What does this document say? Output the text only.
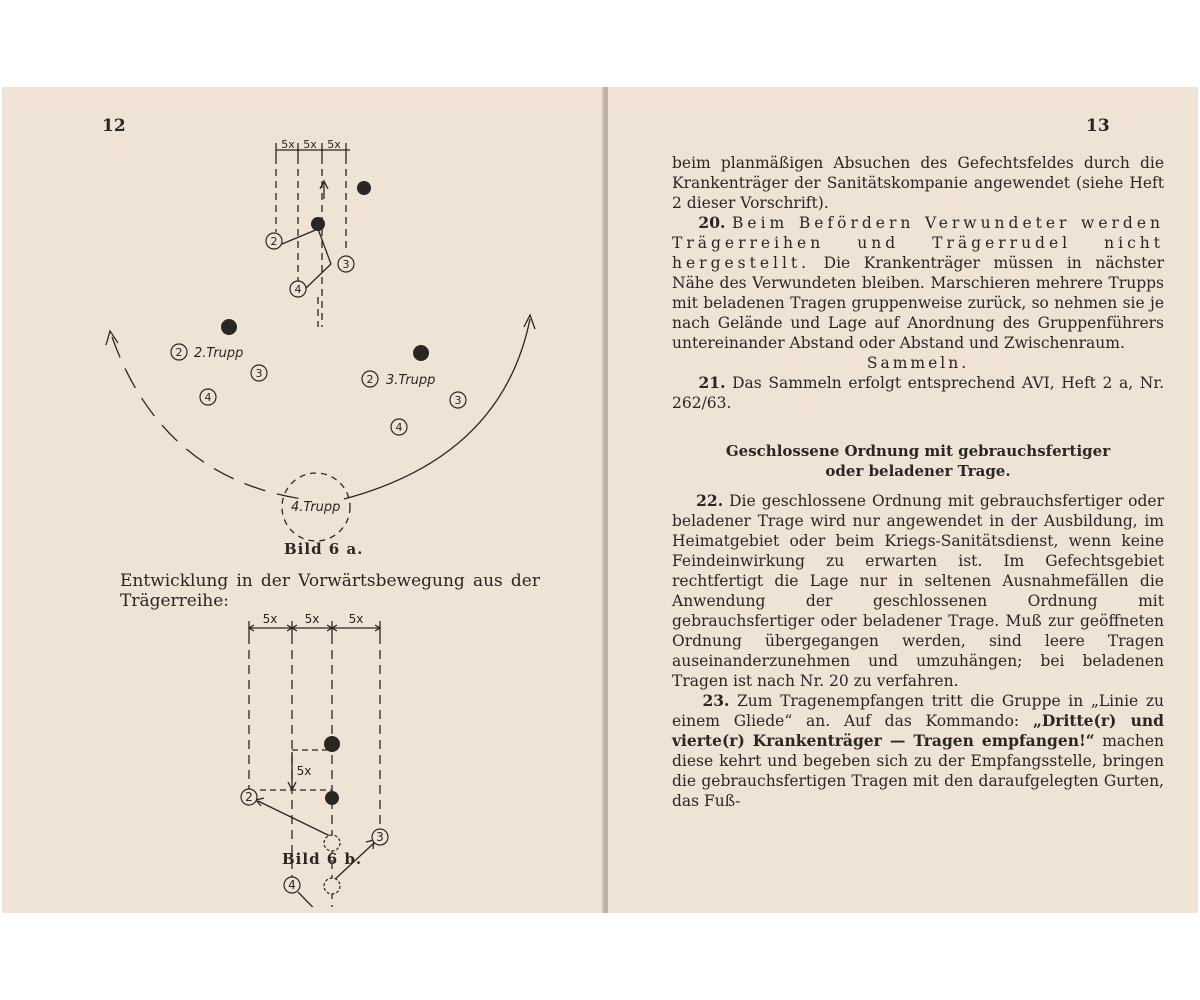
12
5x 5x 5x
2
3
4
2
3
4
2
3
4
2.Trupp
3.Trupp
4.Trupp
Bild 6 a.
Entwicklung in der Vorwärtsbewegung aus der Trägerreihe:
5x 5x 5x
5x
2
3
4
Bild 6 b.
13

beim planmäßigen Absuchen des Gefechtsfeldes durch die Krankenträger der Sanitätskompanie angewendet (siehe Heft 2 dieser Vorschrift).

20. Beim Befördern Verwundeter werden Trägerreihen und Trägerrudel nicht hergestellt. Die Krankenträger müssen in nächster Nähe des Verwundeten bleiben. Marschieren mehrere Trupps mit beladenen Tragen gruppenweise zurück, so nehmen sie je nach Gelände und Lage auf Anordnung des Gruppenführers untereinander Abstand oder Abstand und Zwischenraum.

Sammeln.

21. Das Sammeln erfolgt entsprechend AVI, Heft 2 a, Nr. 262/63.

Geschlossene Ordnung mit gebrauchsfertiger
oder beladener Trage.

22. Die geschlossene Ordnung mit gebrauchsfertiger oder beladener Trage wird nur angewendet in der Ausbildung, im Heimatgebiet oder beim Kriegs-Sanitätsdienst, wenn keine Feindeinwirkung zu erwarten ist. Im Gefechtsgebiet rechtfertigt die Lage nur in seltenen Ausnahmefällen die Anwendung der geschlossenen Ordnung mit gebrauchsfertiger oder beladener Trage. Muß zur geöffneten Ordnung übergegangen werden, sind leere Tragen auseinanderzunehmen und umzuhängen; bei beladenen Tragen ist nach Nr. 20 zu verfahren.

23. Zum Tragenempfangen tritt die Gruppe in „Linie zu einem Gliede“ an. Auf das Kommando: „Dritte(r) und vierte(r) Krankenträger — Tragen empfangen!“ machen diese kehrt und begeben sich zu der Empfangsstelle, bringen die gebrauchsfertigen Tragen mit den daraufgelegten Gurten, das Fuß-
